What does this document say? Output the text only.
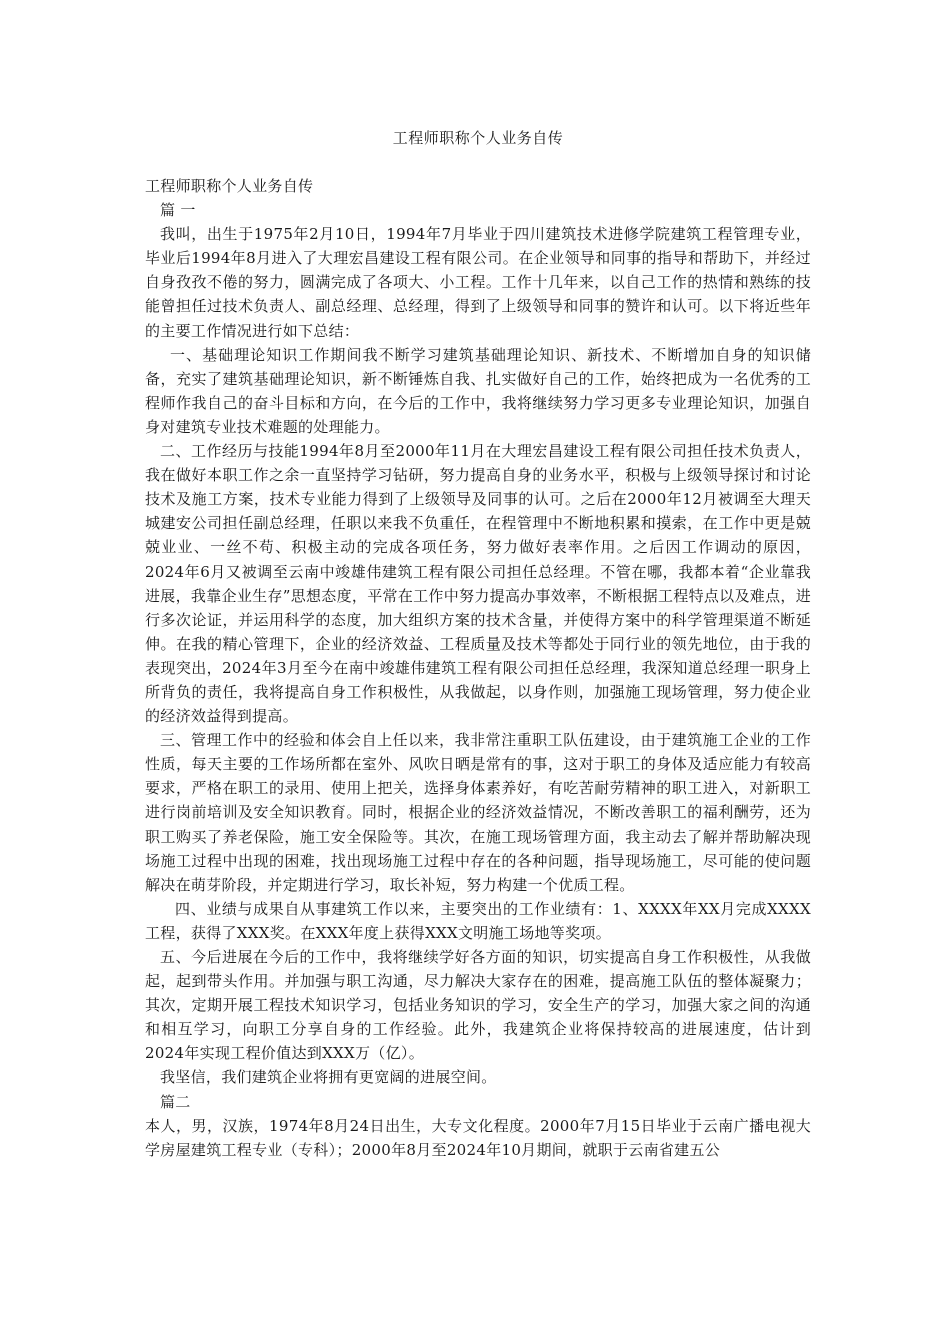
工程师职称个人业务自传

工程师职称个人业务自传

篇 一

我叫，出生于1975年2月10日，1994年7月毕业于四川建筑技术进修学院建筑工程管理专业，毕业后1994年8月进入了大理宏昌建设工程有限公司。在企业领导和同事的指导和帮助下，并经过自身孜孜不倦的努力，圆满完成了各项大、小工程。工作十几年来，以自己工作的热情和熟练的技能曾担任过技术负责人、副总经理、总经理，得到了上级领导和同事的赞许和认可。以下将近些年的主要工作情况进行如下总结：

一、基础理论知识工作期间我不断学习建筑基础理论知识、新技术、不断增加自身的知识储备，充实了建筑基础理论知识，新不断锤炼自我、扎实做好自己的工作，始终把成为一名优秀的工程师作我自己的奋斗目标和方向，在今后的工作中，我将继续努力学习更多专业理论知识，加强自身对建筑专业技术难题的处理能力。

二、工作经历与技能1994年8月至2000年11月在大理宏昌建设工程有限公司担任技术负责人，我在做好本职工作之余一直坚持学习钻研，努力提高自身的业务水平，积极与上级领导探讨和讨论技术及施工方案，技术专业能力得到了上级领导及同事的认可。之后在2000年12月被调至大理天城建安公司担任副总经理，任职以来我不负重任，在程管理中不断地积累和摸索，在工作中更是兢兢业业、一丝不苟、积极主动的完成各项任务，努力做好表率作用。之后因工作调动的原因，2024年6月又被调至云南中竣雄伟建筑工程有限公司担任总经理。不管在哪，我都本着“企业靠我进展，我靠企业生存”思想态度，平常在工作中努力提高办事效率，不断根据工程特点以及难点，进行多次论证，并运用科学的态度，加大组织方案的技术含量，并使得方案中的科学管理渠道不断延伸。在我的精心管理下，企业的经济效益、工程质量及技术等都处于同行业的领先地位，由于我的表现突出，2024年3月至今在南中竣雄伟建筑工程有限公司担任总经理，我深知道总经理一职身上所背负的责任，我将提高自身工作积极性，从我做起，以身作则，加强施工现场管理，努力使企业的经济效益得到提高。

三、管理工作中的经验和体会自上任以来，我非常注重职工队伍建设，由于建筑施工企业的工作性质，每天主要的工作场所都在室外、风吹日晒是常有的事，这对于职工的身体及适应能力有较高要求，严格在职工的录用、使用上把关，选择身体素养好，有吃苦耐劳精神的职工进入，对新职工进行岗前培训及安全知识教育。同时，根据企业的经济效益情况，不断改善职工的福利酬劳，还为职工购买了养老保险，施工安全保险等。其次，在施工现场管理方面，我主动去了解并帮助解决现场施工过程中出现的困难，找出现场施工过程中存在的各种问题，指导现场施工，尽可能的使问题解决在萌芽阶段，并定期进行学习，取长补短，努力构建一个优质工程。

四、业绩与成果自从事建筑工作以来，主要突出的工作业绩有：1、XXXX年XX月完成XXXX工程，获得了XXX奖。在XXX年度上获得XXX文明施工场地等奖项。

五、今后进展在今后的工作中，我将继续学好各方面的知识，切实提高自身工作积极性，从我做起，起到带头作用。并加强与职工沟通，尽力解决大家存在的困难，提高施工队伍的整体凝聚力；其次，定期开展工程技术知识学习，包括业务知识的学习，安全生产的学习，加强大家之间的沟通和相互学习，向职工分享自身的工作经验。此外，我建筑企业将保持较高的进展速度，估计到2024年实现工程价值达到XXX万（亿）。

我坚信，我们建筑企业将拥有更宽阔的进展空间。

篇二

本人，男，汉族，1974年8月24日出生，大专文化程度。2000年7月15日毕业于云南广播电视大学房屋建筑工程专业（专科）；2000年8月至2024年10月期间，就职于云南省建五公
